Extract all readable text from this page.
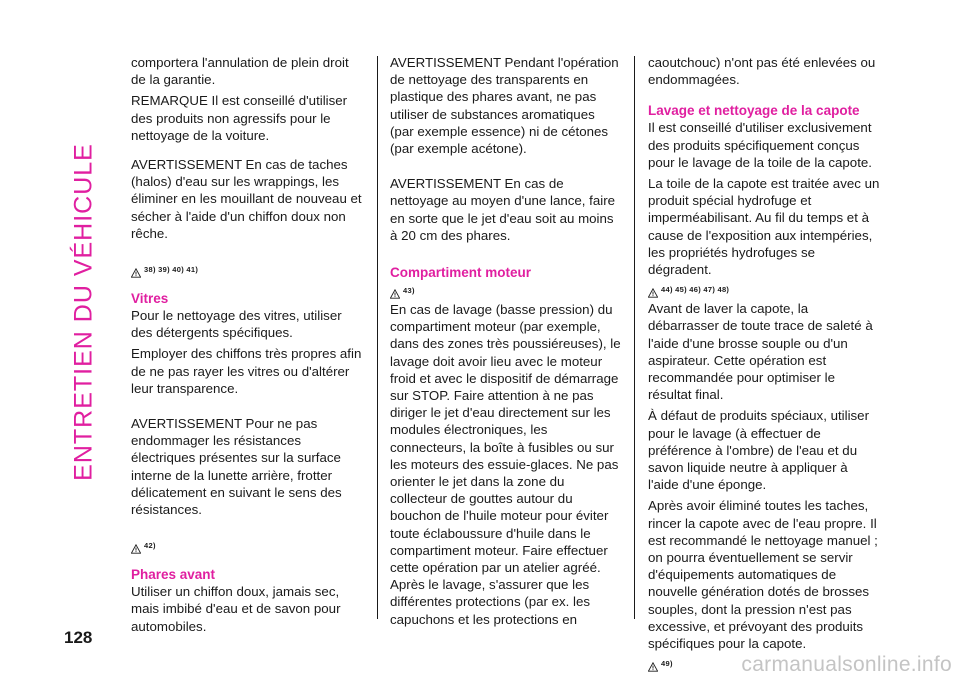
ENTRETIEN DU VÉHICULE
128

comportera l'annulation de plein droit de la garantie.

REMARQUE Il est conseillé d'utiliser des produits non agressifs pour le nettoyage de la voiture.

AVERTISSEMENT En cas de taches (halos) d'eau sur les wrappings, les éliminer en les mouillant de nouveau et sécher à l'aide d'un chiffon doux non rêche.

38) 39) 40) 41)
Vitres

Pour le nettoyage des vitres, utiliser des détergents spécifiques.

Employer des chiffons très propres afin de ne pas rayer les vitres ou d'altérer leur transparence.

AVERTISSEMENT Pour ne pas endommager les résistances électriques présentes sur la surface interne de la lunette arrière, frotter délicatement en suivant le sens des résistances.

42)
Phares avant

Utiliser un chiffon doux, jamais sec, mais imbibé d'eau et de savon pour automobiles.

AVERTISSEMENT Pendant l'opération de nettoyage des transparents en plastique des phares avant, ne pas utiliser de substances aromatiques (par exemple essence) ni de cétones (par exemple acétone).

AVERTISSEMENT En cas de nettoyage au moyen d'une lance, faire en sorte que le jet d'eau soit au moins à 20 cm des phares.

Compartiment moteur
43)

En cas de lavage (basse pression) du compartiment moteur (par exemple, dans des zones très poussiéreuses), le lavage doit avoir lieu avec le moteur froid et avec le dispositif de démarrage sur STOP. Faire attention à ne pas diriger le jet d'eau directement sur les modules électroniques, les connecteurs, la boîte à fusibles ou sur les moteurs des essuie-glaces. Ne pas orienter le jet dans la zone du collecteur de gouttes autour du bouchon de l'huile moteur pour éviter toute éclaboussure d'huile dans le compartiment moteur. Faire effectuer cette opération par un atelier agréé. Après le lavage, s'assurer que les différentes protections (par ex. les capuchons et les protections en

caoutchouc) n'ont pas été enlevées ou endommagées.

Lavage et nettoyage de la capote

Il est conseillé d'utiliser exclusivement des produits spécifiquement conçus pour le lavage de la toile de la capote.

La toile de la capote est traitée avec un produit spécial hydrofuge et imperméabilisant. Au fil du temps et à cause de l'exposition aux intempéries, les propriétés hydrofuges se dégradent.

44) 45) 46) 47) 48)

Avant de laver la capote, la débarrasser de toute trace de saleté à l'aide d'une brosse souple ou d'un aspirateur. Cette opération est recommandée pour optimiser le résultat final.

À défaut de produits spéciaux, utiliser pour le lavage (à effectuer de préférence à l'ombre) de l'eau et du savon liquide neutre à appliquer à l'aide d'une éponge.

Après avoir éliminé toutes les taches, rincer la capote avec de l'eau propre. Il est recommandé le nettoyage manuel ; on pourra éventuellement se servir d'équipements automatiques de nouvelle génération dotés de brosses souples, dont la pression n'est pas excessive, et prévoyant des produits spécifiques pour la capote.

49)	carmanualsonline.info
